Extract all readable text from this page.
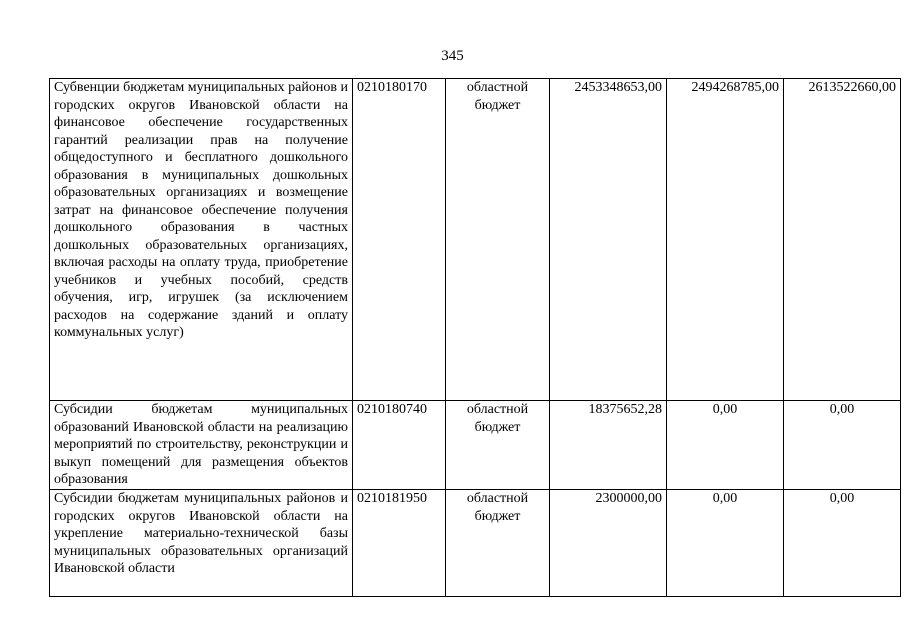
345
Субвенции бюджетам муниципальных районов и городских округов Ивановской области на финансовое обеспечение государственных гарантий реализации прав на получение общедоступного и бесплатного дошкольного образования в муниципальных дошкольных образовательных организациях и возмещение затрат на финансовое обеспечение получения дошкольного образования в частных дошкольных образовательных организациях, включая расходы на оплату труда, приобретение учебников и учебных пособий, средств обучения, игр, игрушек (за исключением расходов на содержание зданий и оплату коммунальных услуг)	0210180170	областной бюджет	2453348653,00	2494268785,00	2613522660,00
Субсидии бюджетам муниципальных образований Ивановской области на реализацию мероприятий по строительству, реконструкции и выкуп помещений для размещения объектов образования	0210180740	областной бюджет	18375652,28	0,00	0,00
Субсидии бюджетам муниципальных районов и городских округов Ивановской области на укрепление материально-технической базы муниципальных образовательных организаций Ивановской области	0210181950	областной бюджет	2300000,00	0,00	0,00
